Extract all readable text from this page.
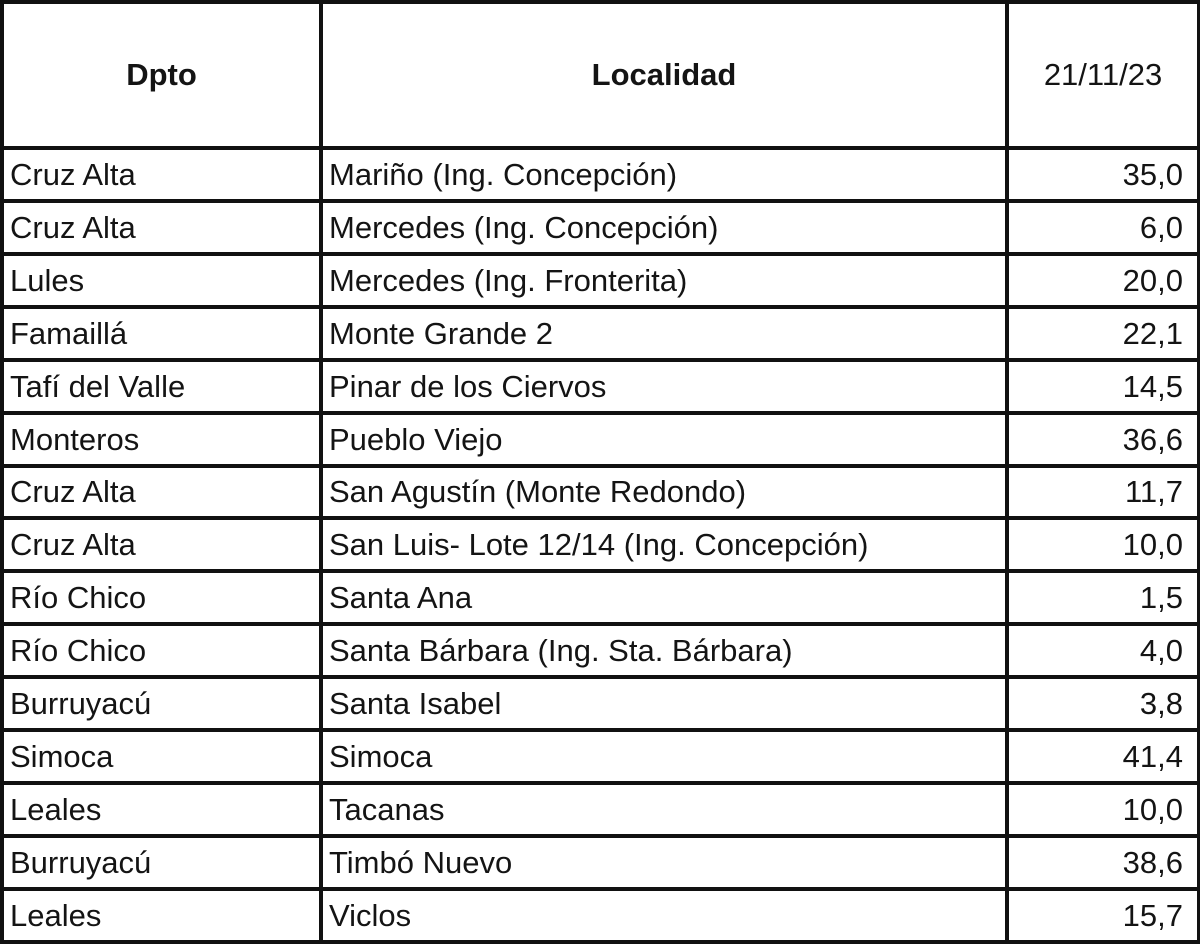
Dpto	Localidad	21/11/23
Cruz Alta	Mariño (Ing. Concepción)	35,0
Cruz Alta	Mercedes (Ing. Concepción)	6,0
Lules	Mercedes (Ing. Fronterita)	20,0
Famaillá	Monte Grande 2	22,1
Tafí del Valle	Pinar de los Ciervos	14,5
Monteros	Pueblo Viejo	36,6
Cruz Alta	San Agustín (Monte Redondo)	11,7
Cruz Alta	San Luis- Lote 12/14 (Ing. Concepción)	10,0
Río Chico	Santa Ana	1,5
Río Chico	Santa Bárbara (Ing. Sta. Bárbara)	4,0
Burruyacú	Santa Isabel	3,8
Simoca	Simoca	41,4
Leales	Tacanas	10,0
Burruyacú	Timbó Nuevo	38,6
Leales	Viclos	15,7
